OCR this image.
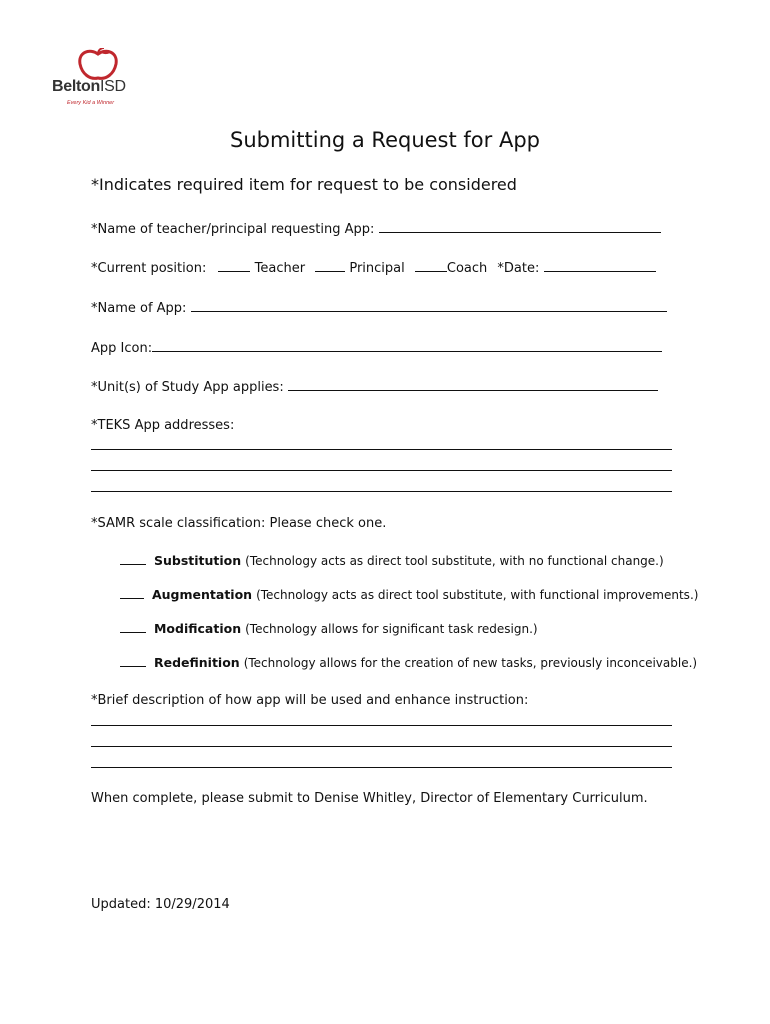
BeltonISD
Every Kid a Winner
Submitting a Request for App
*Indicates required item for request to be considered
*Name of teacher/principal requesting App:
*Current position:	Teacher	Principal	Coach *Date:
*Name of App:
App Icon:
*Unit(s) of Study App applies:
*TEKS App addresses:
*SAMR scale classification: Please check one.
Substitution (Technology acts as direct tool substitute, with no functional change.)
Augmentation (Technology acts as direct tool substitute, with functional improvements.)
Modification (Technology allows for significant task redesign.)
Redefinition (Technology allows for the creation of new tasks, previously inconceivable.)
*Brief description of how app will be used and enhance instruction:
When complete, please submit to Denise Whitley, Director of Elementary Curriculum.
Updated: 10/29/2014
